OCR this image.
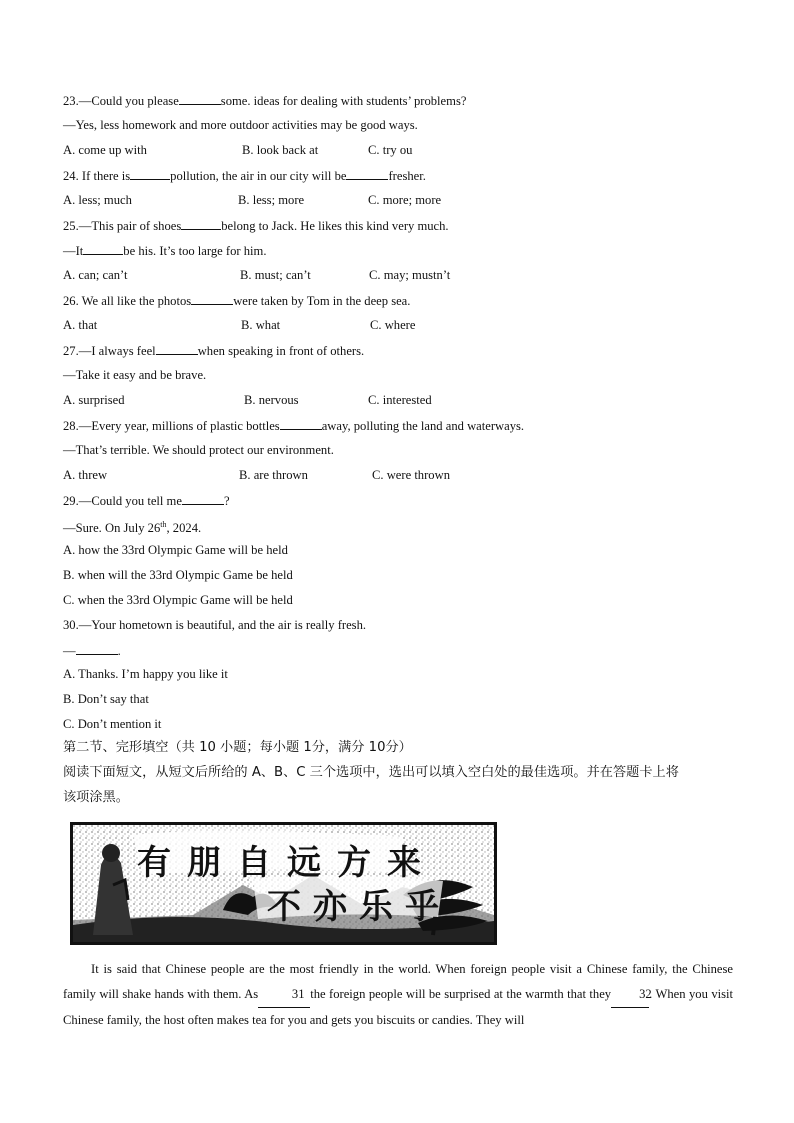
23.—Could you please	some. ideas for dealing with students’ problems?
—Yes, less homework and more outdoor activities may be good ways.
A. come up with	B. look back at	C. try ou
24. If there is	pollution, the air in our city will be	fresher.
A. less; much	B. less; more	C. more; more
25.—This pair of shoes	belong to Jack. He likes this kind very much.
—It	be his. It’s too large for him.
A. can; can’t	B. must; can’t	C. may; mustn’t
26. We all like the photos	were taken by Tom in the deep sea.
A. that	B. what	C. where
27.—I always feel	when speaking in front of others.
—Take it easy and be brave.
A. surprised	B. nervous	C. interested
28.—Every year, millions of plastic bottles	away, polluting the land and waterways.
—That’s terrible. We should protect our environment.
A. threw	B. are thrown	C. were thrown
29.—Could you tell me	?
—Sure. On July 26th, 2024.
A. how the 33rd Olympic Game will be held
B. when will the 33rd Olympic Game be held
C. when the 33rd Olympic Game will be held
30.—Your hometown is beautiful, and the air is really fresh.
—	.
A. Thanks. I’m happy you like it
B. Don’t say that
C. Don’t mention it
第二节、完形填空（共 10 小题；每小题 1分，满分 10分）
阅读下面短文，从短文后所给的 A、B、C 三个选项中，选出可以填入空白处的最佳选项。并在答题卡上将
该项涂黑。
有朋自远方来
不亦乐乎
It is said that Chinese people are the most friendly in the world. When foreign people visit a Chinese family, the Chinese family will shake hands with them. As	31 the foreign people will be surprised at the warmth that they 32. When you visit Chinese family, the host often makes tea for you and gets you biscuits or candies. They will
